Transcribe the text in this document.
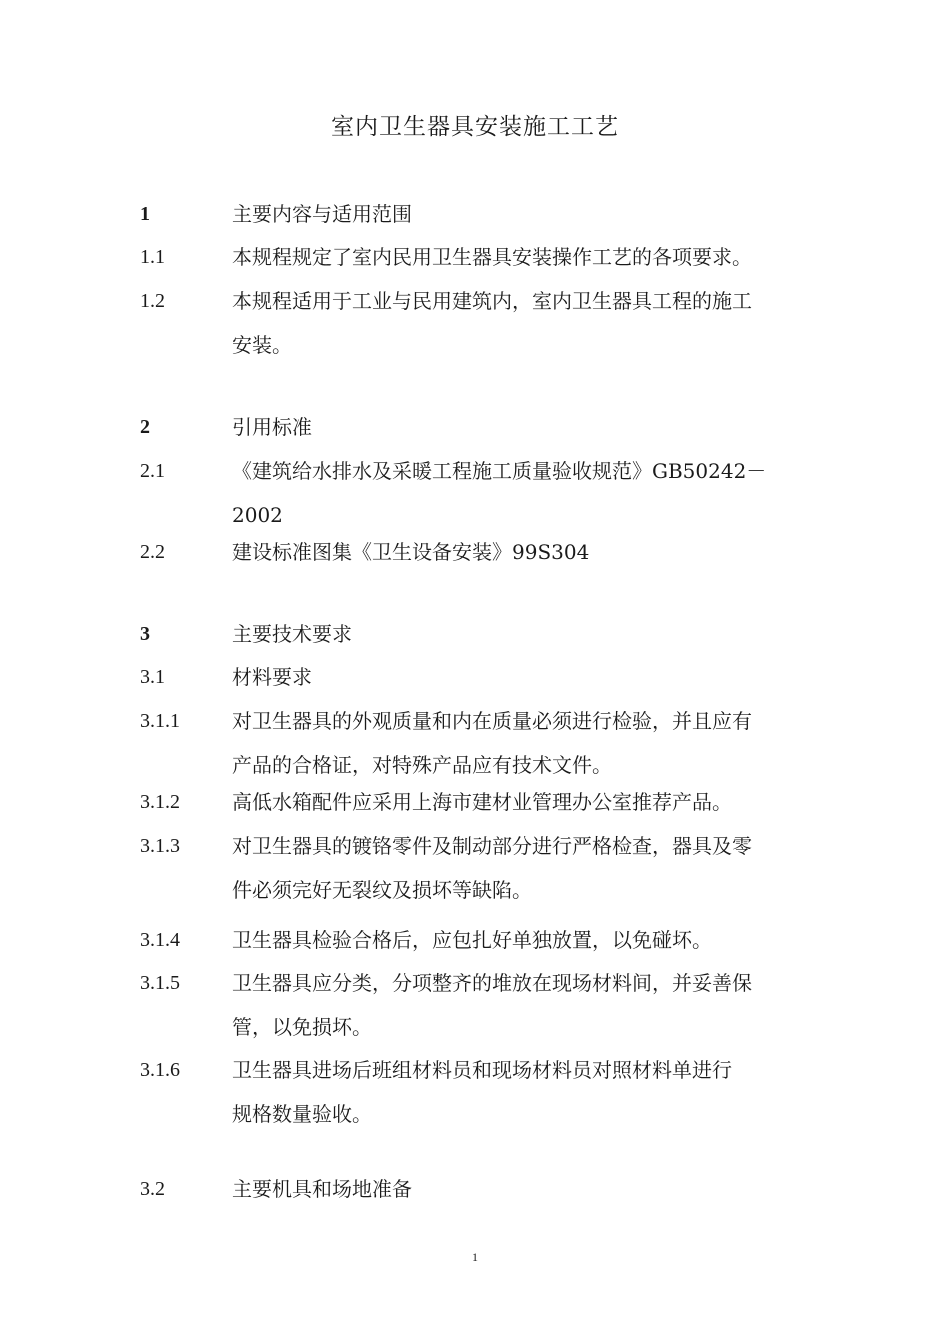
室内卫生器具安装施工工艺
1	主要内容与适用范围
1.1	本规程规定了室内民用卫生器具安装操作工艺的各项要求。
1.2	本规程适用于工业与民用建筑内，室内卫生器具工程的施工
安装。
2	引用标准
2.1	《建筑给水排水及采暖工程施工质量验收规范》GB50242－
2002
2.2	建设标准图集《卫生设备安装》99S304
3	主要技术要求
3.1	材料要求
3.1.1	对卫生器具的外观质量和内在质量必须进行检验，并且应有
产品的合格证，对特殊产品应有技术文件。
3.1.2	高低水箱配件应采用上海市建材业管理办公室推荐产品。
3.1.3	对卫生器具的镀铬零件及制动部分进行严格检查，器具及零
件必须完好无裂纹及损坏等缺陷。
3.1.4	卫生器具检验合格后，应包扎好单独放置，以免碰坏。
3.1.5	卫生器具应分类，分项整齐的堆放在现场材料间，并妥善保
管，以免损坏。
3.1.6	卫生器具进场后班组材料员和现场材料员对照材料单进行
规格数量验收。
3.2	主要机具和场地准备
1
